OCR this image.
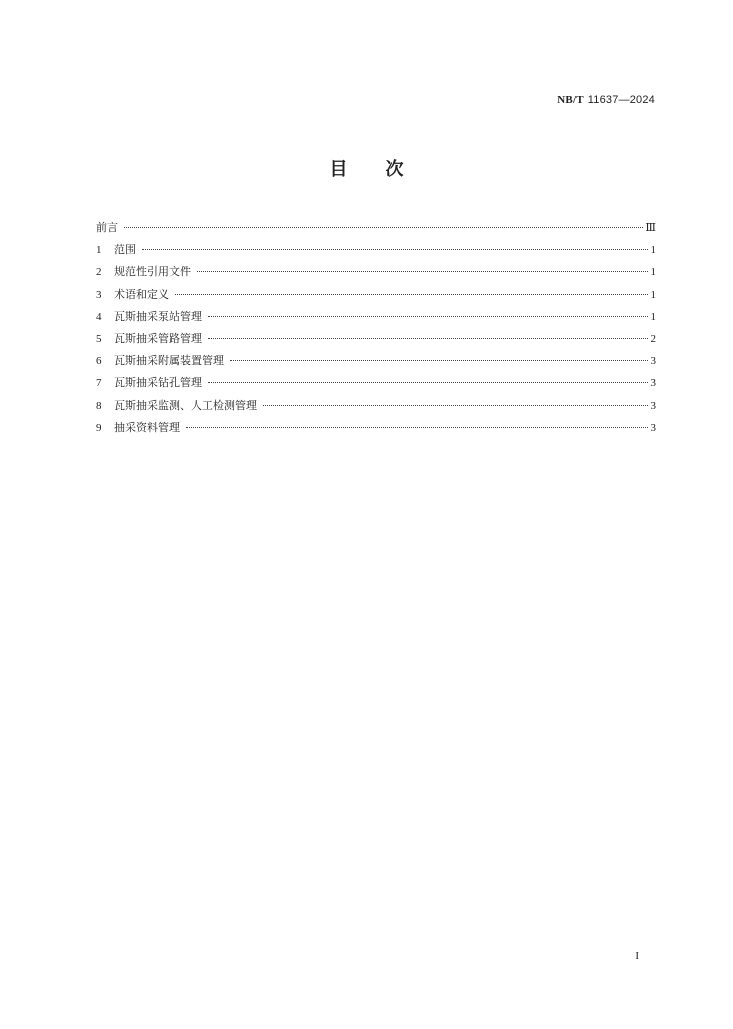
NB/T 11637—2024
目次
前言	Ⅲ
1	范围	1
2	规范性引用文件	1
3	术语和定义	1
4	瓦斯抽采泵站管理	1
5	瓦斯抽采管路管理	2
6	瓦斯抽采附属装置管理	3
7	瓦斯抽采钻孔管理	3
8	瓦斯抽采监测、人工检测管理	3
9	抽采资料管理	3
I
